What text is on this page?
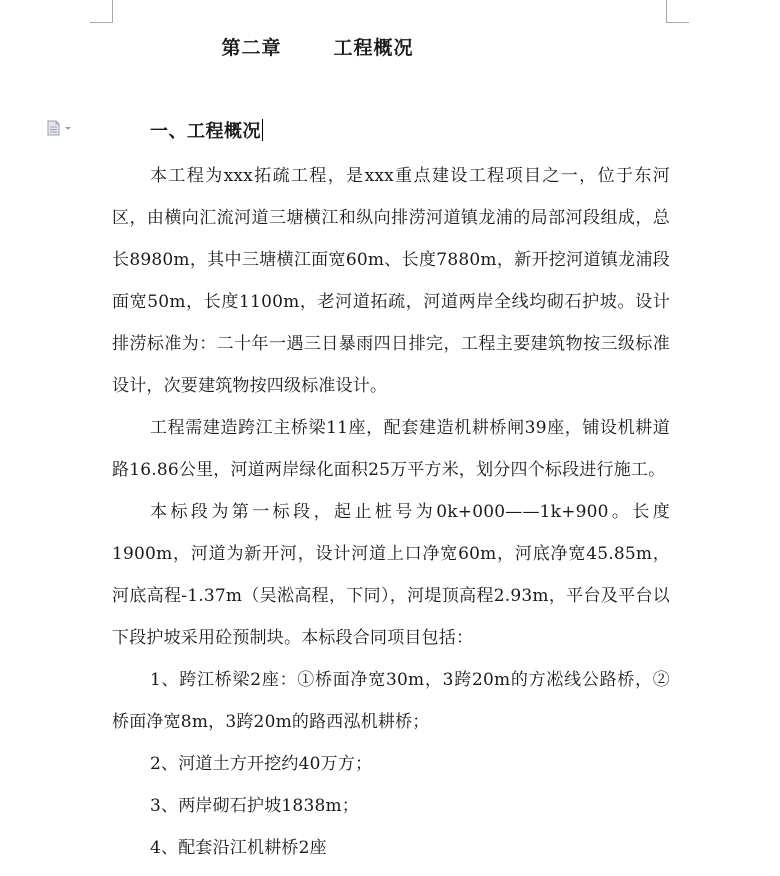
第二章	工程概况
一、工程概况

本工程为xxx拓疏工程，是xxx重点建设工程项目之一，位于东河区，由横向汇流河道三塘横江和纵向排涝河道镇龙浦的局部河段组成，总长8980m，其中三塘横江面宽60m、长度7880m，新开挖河道镇龙浦段面宽50m，长度1100m，老河道拓疏，河道两岸全线均砌石护坡。设计排涝标准为：二十年一遇三日暴雨四日排完，工程主要建筑物按三级标准设计，次要建筑物按四级标准设计。

工程需建造跨江主桥梁11座，配套建造机耕桥闸39座，铺设机耕道路16.86公里，河道两岸绿化面积25万平方米，划分四个标段进行施工。

本标段为第一标段，起止桩号为0k+000——1k+900。长度1900m，河道为新开河，设计河道上口净宽60m，河底净宽45.85m，河底高程-1.37m（吴淞高程，下同），河堤顶高程2.93m，平台及平台以下段护坡采用砼预制块。本标段合同项目包括：

1、跨江桥梁2座：①桥面净宽30m，3跨20m的方凇线公路桥，②桥面净宽8m，3跨20m的路西泓机耕桥；

2、河道土方开挖约40万方；

3、两岸砌石护坡1838m；

4、配套沿江机耕桥2座
